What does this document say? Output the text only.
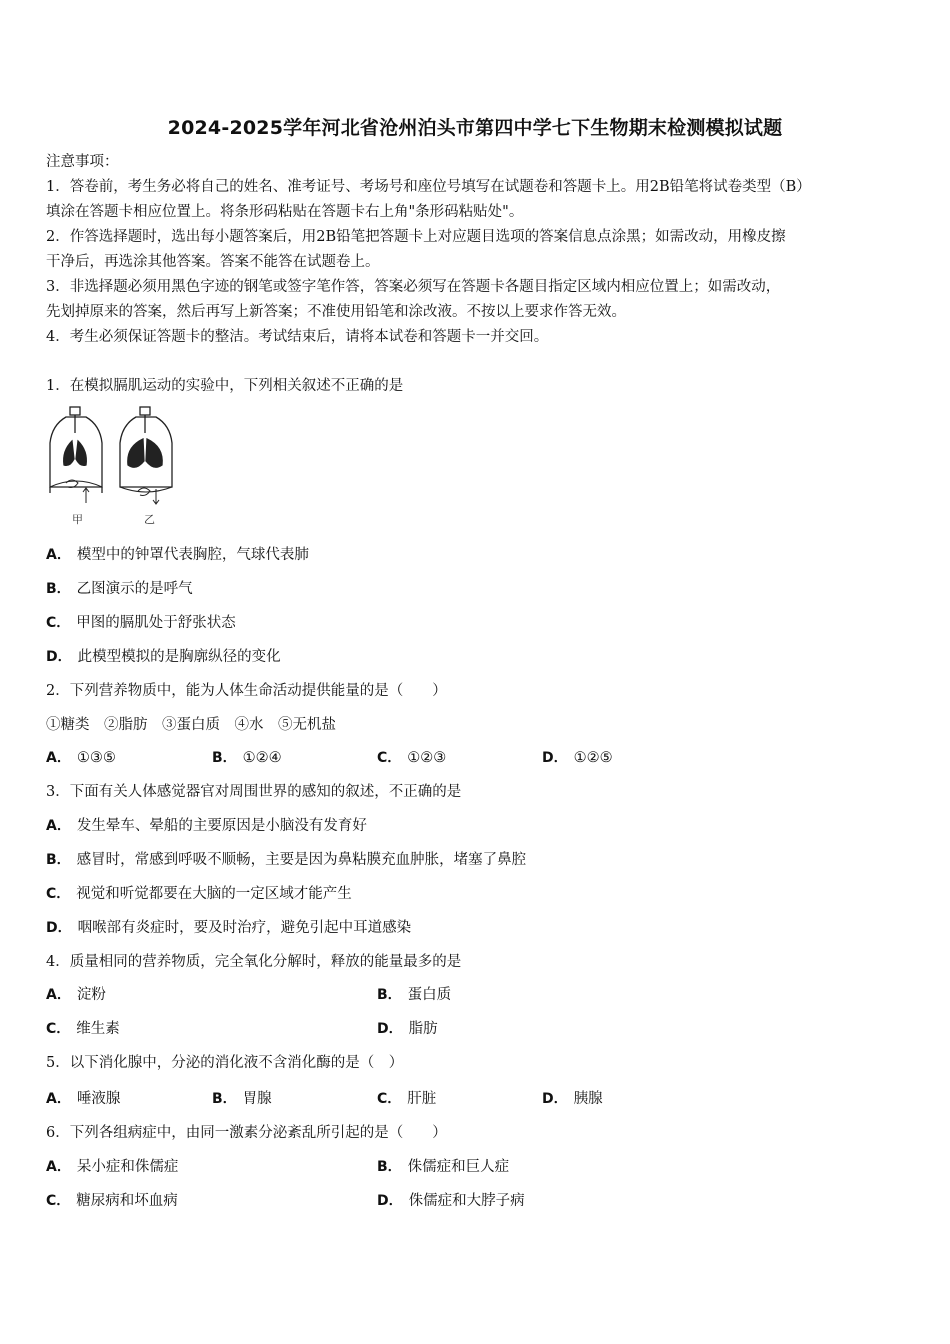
2024-2025学年河北省沧州泊头市第四中学七下生物期末检测模拟试题
注意事项：
1．答卷前，考生务必将自己的姓名、准考证号、考场号和座位号填写在试题卷和答题卡上。用2B铅笔将试卷类型（B）
填涂在答题卡相应位置上。将条形码粘贴在答题卡右上角"条形码粘贴处"。
2．作答选择题时，选出每小题答案后，用2B铅笔把答题卡上对应题目选项的答案信息点涂黑；如需改动，用橡皮擦
干净后，再选涂其他答案。答案不能答在试题卷上。
3．非选择题必须用黑色字迹的钢笔或签字笔作答，答案必须写在答题卡各题目指定区域内相应位置上；如需改动，
先划掉原来的答案，然后再写上新答案；不准使用铅笔和涂改液。不按以上要求作答无效。
4．考生必须保证答题卡的整洁。考试结束后，请将本试卷和答题卡一并交回。
1．在模拟膈肌运动的实验中，下列相关叙述不正确的是
甲	乙
A． 模型中的钟罩代表胸腔，气球代表肺
B． 乙图演示的是呼气
C． 甲图的膈肌处于舒张状态
D． 此模型模拟的是胸廓纵径的变化
2．下列营养物质中，能为人体生命活动提供能量的是（　　）
①糖类　②脂肪　③蛋白质　④水　⑤无机盐
A． ①③⑤	B． ①②④	C． ①②③	D． ①②⑤
3．下面有关人体感觉器官对周围世界的感知的叙述，不正确的是
A． 发生晕车、晕船的主要原因是小脑没有发育好
B． 感冒时，常感到呼吸不顺畅，主要是因为鼻粘膜充血肿胀，堵塞了鼻腔
C． 视觉和听觉都要在大脑的一定区域才能产生
D． 咽喉部有炎症时，要及时治疗，避免引起中耳道感染
4．质量相同的营养物质，完全氧化分解时，释放的能量最多的是
A． 淀粉	B． 蛋白质
C． 维生素	D． 脂肪
5．以下消化腺中，分泌的消化液不含消化酶的是（　）
A． 唾液腺	B． 胃腺	C． 肝脏	D． 胰腺
6．下列各组病症中，由同一激素分泌紊乱所引起的是（　　）
A． 呆小症和侏儒症	B． 侏儒症和巨人症
C． 糖尿病和坏血病	D． 侏儒症和大脖子病
